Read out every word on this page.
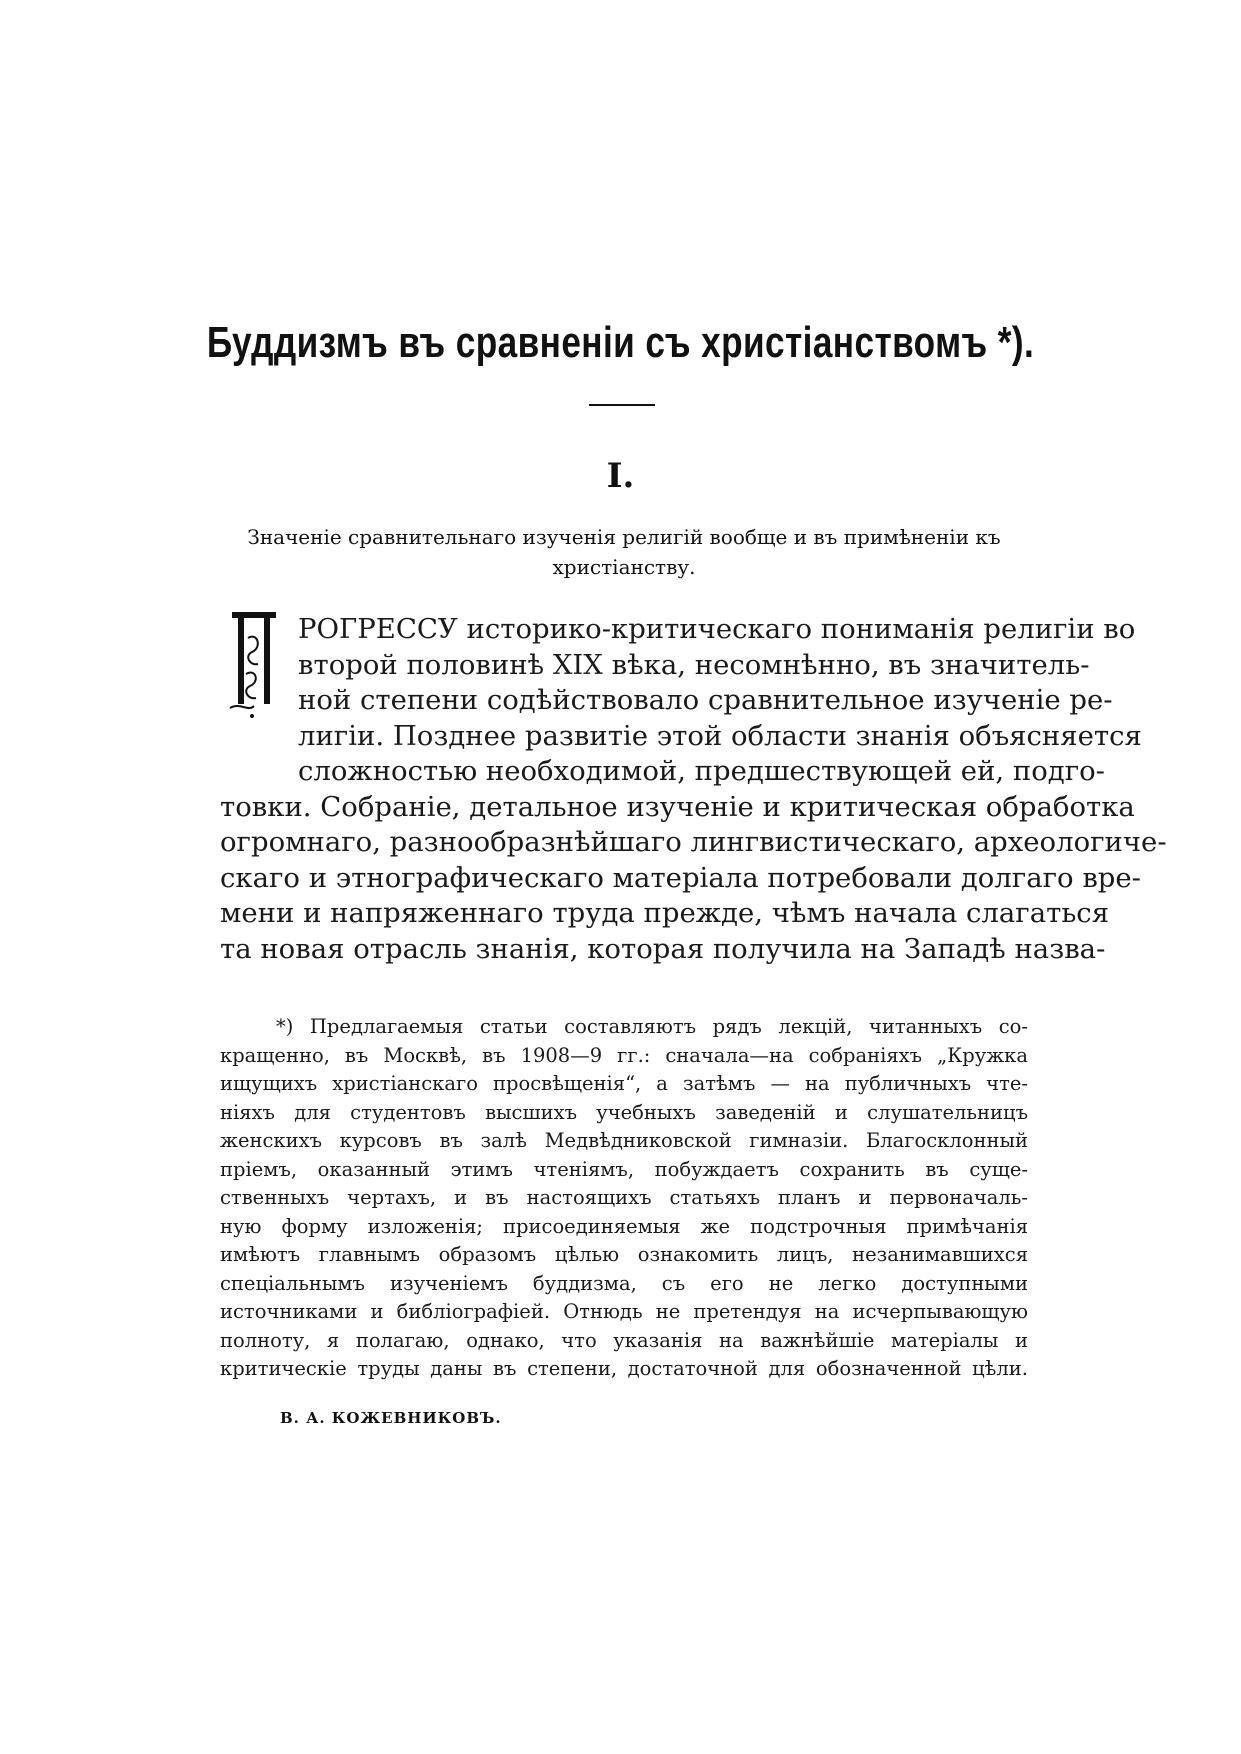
Буддизмъ въ сравненіи съ христіанствомъ *).
I.
Значеніе сравнительнаго изученія религій вообще и въ примѣненіи къ
христіанству.
РОГРЕССУ историко-критическаго пониманія религіи во
второй половинѣ XIX вѣка, несомнѣнно, въ значитель-
ной степени содѣйствовало сравнительное изученіе ре-
лигіи. Позднее развитіе этой области знанія объясняется
сложностью необходимой, предшествующей ей, подго-
товки. Собраніе, детальное изученіе и критическая обработка
огромнаго, разнообразнѣйшаго лингвистическаго, археологиче-
скаго и этнографическаго матеріала потребовали долгаго вре-
мени и напряженнаго труда прежде, чѣмъ начала слагаться
та новая отрасль знанія, которая получила на Западѣ назва-
*) Предлагаемыя статьи составляютъ рядъ лекцій, читанныхъ со-
кращенно, въ Москвѣ, въ 1908—9 гг.: сначала—на собраніяхъ „Кружка
ищущихъ христіанскаго просвѣщенія“, а затѣмъ — на публичныхъ чте-
ніяхъ для студентовъ высшихъ учебныхъ заведеній и слушательницъ
женскихъ курсовъ въ залѣ Медвѣдниковской гимназіи. Благосклонный
пріемъ, оказанный этимъ чтеніямъ, побуждаетъ сохранить въ суще-
ственныхъ чертахъ, и въ настоящихъ статьяхъ планъ и первоначаль-
ную форму изложенія; присоединяемыя же подстрочныя примѣчанія
имѣютъ главнымъ образомъ цѣлью ознакомить лицъ, незанимавшихся
спеціальнымъ изученіемъ буддизма, съ его не легко доступными
источниками и библіографіей. Отнюдь не претендуя на исчерпывающую
полноту, я полагаю, однако, что указанія на важнѣйшіе матеріалы и
критическіе труды даны въ степени, достаточной для обозначенной цѣли.
В. А. КОЖЕВНИКОВЪ.
